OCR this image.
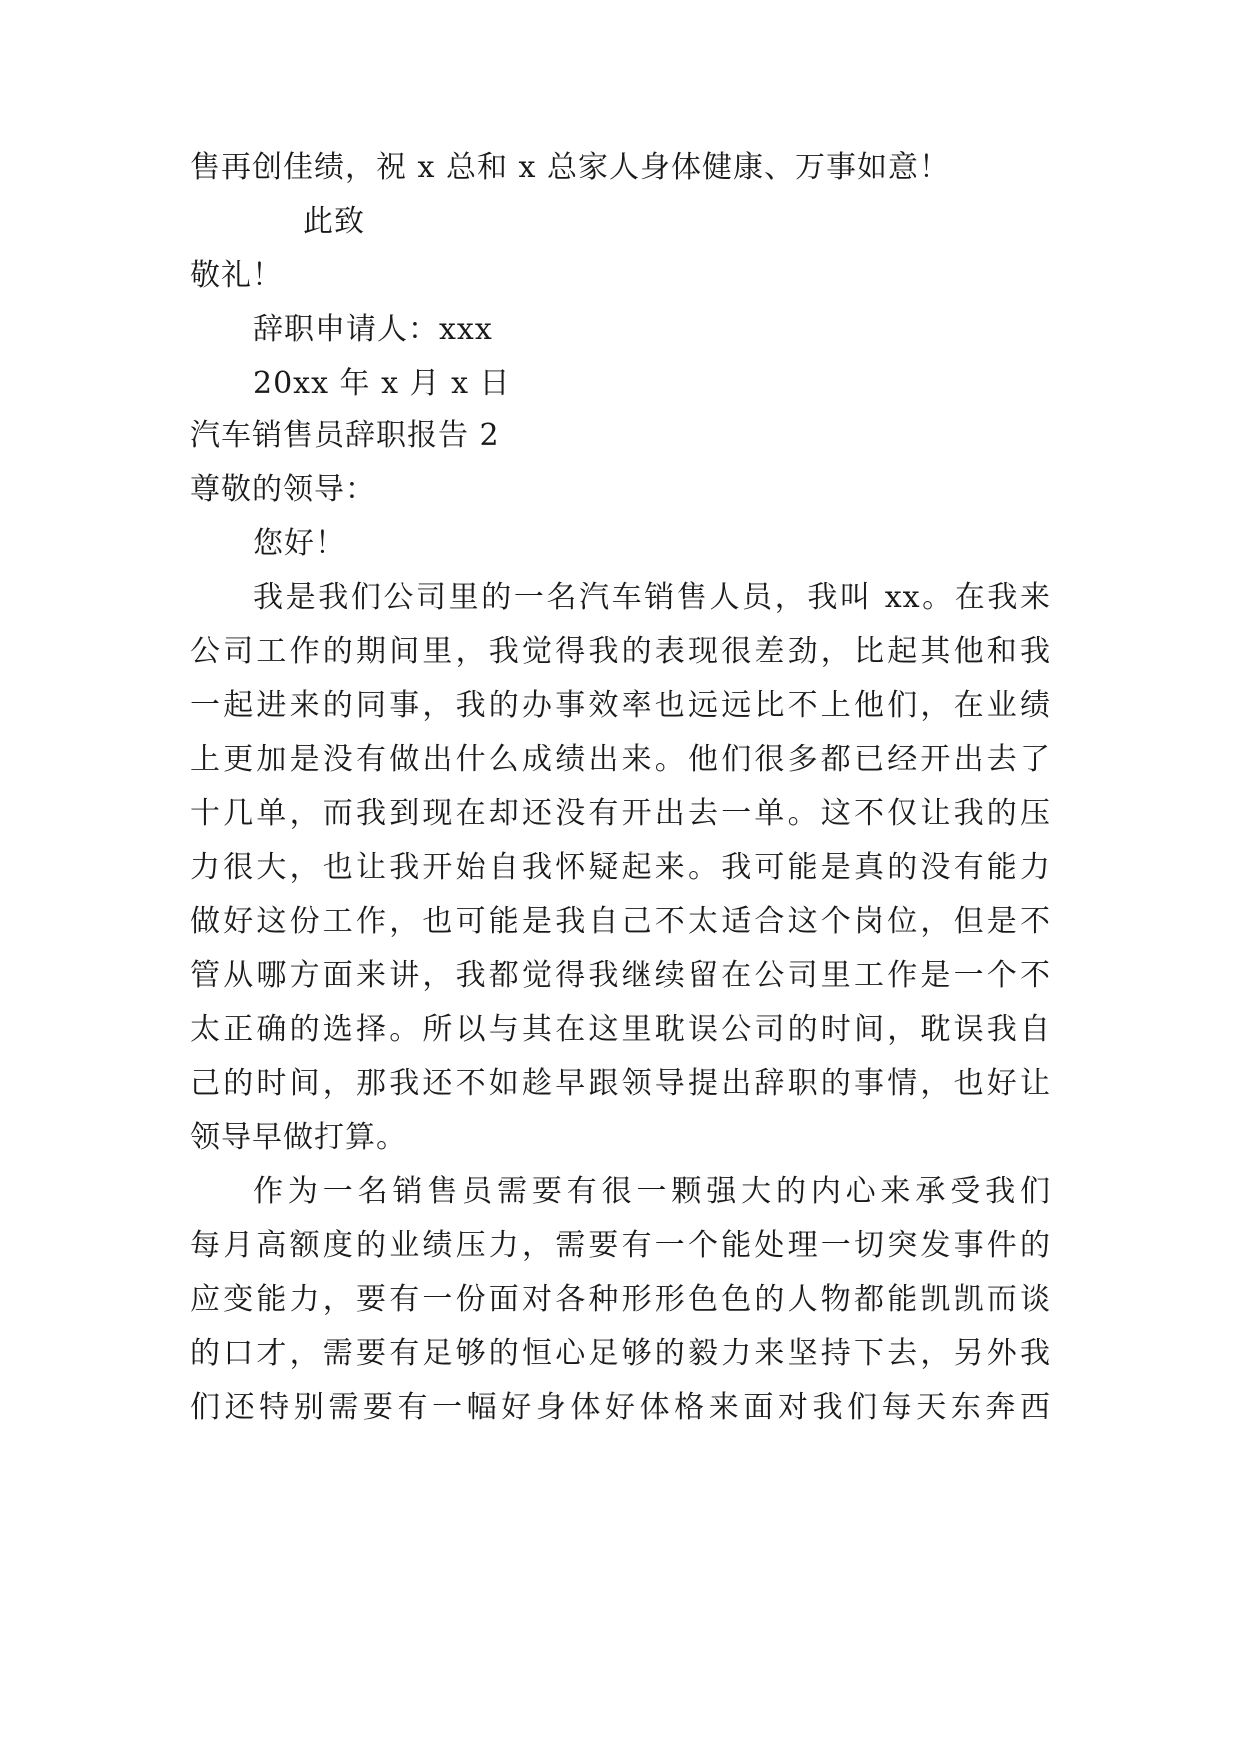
售再创佳绩，祝 x 总和 x 总家人身体健康、万事如意！
此致
敬礼！
辞职申请人：xxx
20xx 年 x 月 x 日
汽车销售员辞职报告 2
尊敬的领导：
您好！
我是我们公司里的一名汽车销售人员，我叫 xx。在我来
公司工作的期间里，我觉得我的表现很差劲，比起其他和我
一起进来的同事，我的办事效率也远远比不上他们，在业绩
上更加是没有做出什么成绩出来。他们很多都已经开出去了
十几单，而我到现在却还没有开出去一单。这不仅让我的压
力很大，也让我开始自我怀疑起来。我可能是真的没有能力
做好这份工作，也可能是我自己不太适合这个岗位，但是不
管从哪方面来讲，我都觉得我继续留在公司里工作是一个不
太正确的选择。所以与其在这里耽误公司的时间，耽误我自
己的时间，那我还不如趁早跟领导提出辞职的事情，也好让
领导早做打算。
作为一名销售员需要有很一颗强大的内心来承受我们
每月高额度的业绩压力，需要有一个能处理一切突发事件的
应变能力，要有一份面对各种形形色色的人物都能凯凯而谈
的口才，需要有足够的恒心足够的毅力来坚持下去，另外我
们还特别需要有一幅好身体好体格来面对我们每天东奔西
